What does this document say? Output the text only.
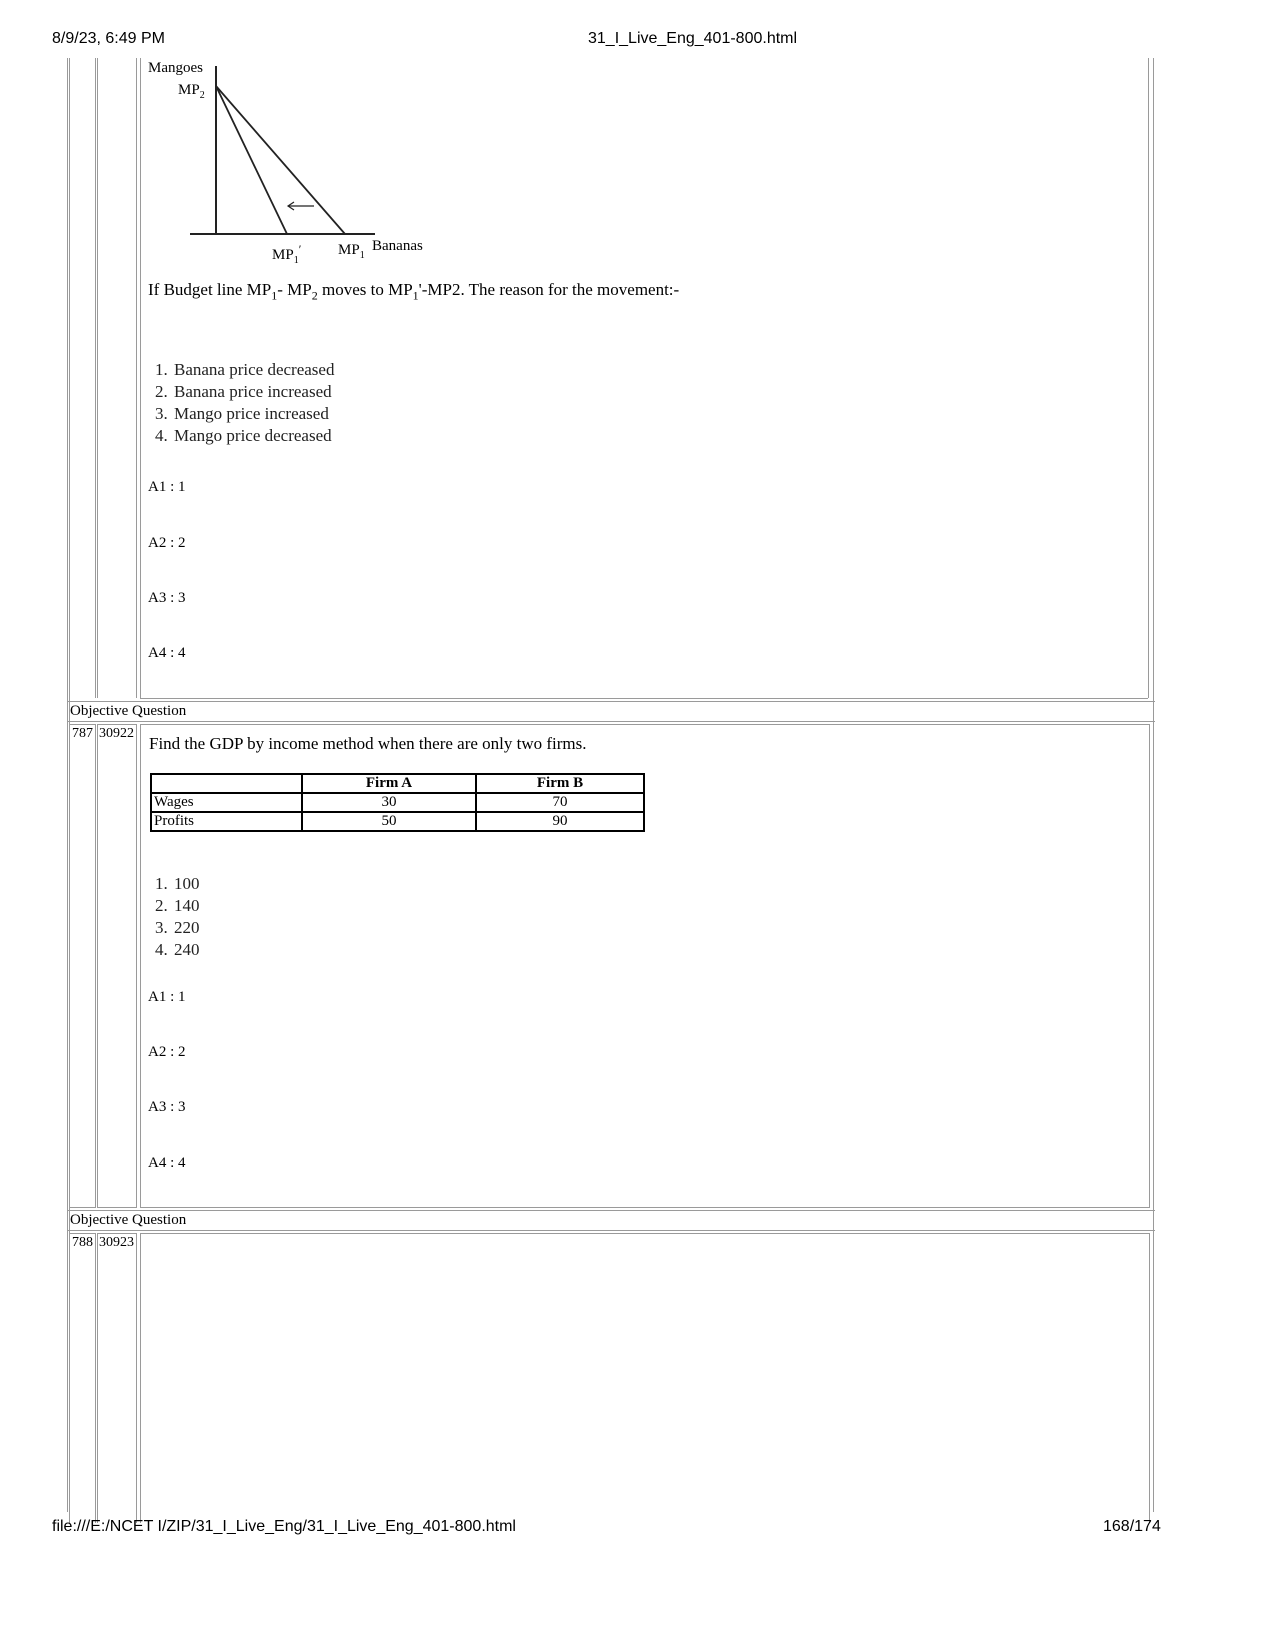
8/9/23, 6:49 PM	31_I_Live_Eng_401-800.html
Mangoes
$MP_2$
$MP_1'$ $MP_1$
Bananas
If Budget line $MP_1-$ $MP_2$ moves to $MP_1'-MP2$. The reason for the movement:-
1. Banana price decreased
2. Banana price increased
3. Mango price increased
4. Mango price decreased
A1 : 1
A2 : 2
A3 : 3
A4 : 4
Objective Question
787 30922
Find the GDP by income method when there are only two firms.
	Firm A	Firm B
Wages	30	70
Profits	50	90
1. 100
2. 140
3. 220
4. 240
A1 : 1
A2 : 2
A3 : 3
A4 : 4
Objective Question
788 30923
file:///E:/NCET I/ZIP/31_I_Live_Eng/31_I_Live_Eng_401-800.html	168/174
